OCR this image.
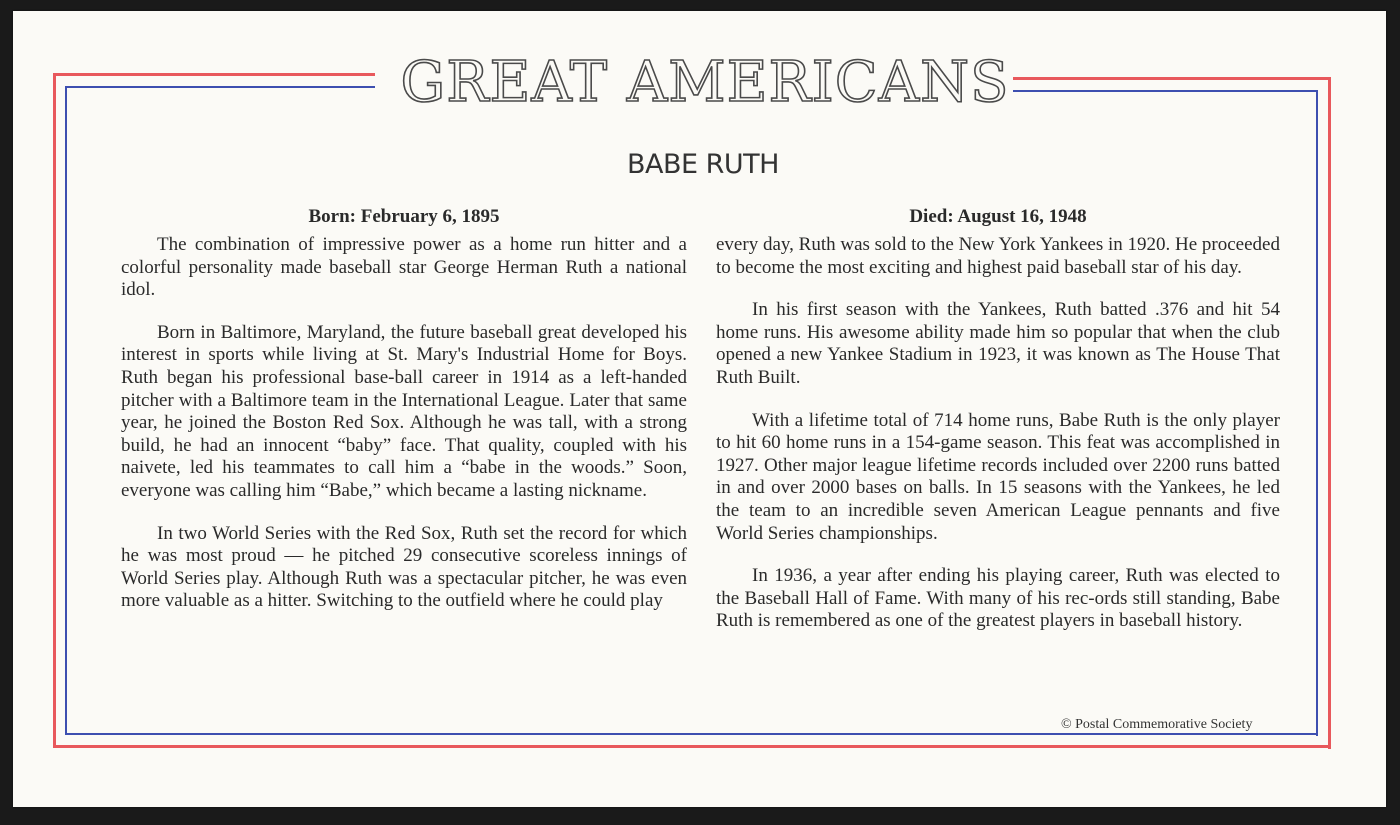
GREAT AMERICANS
BABE RUTH
Born: February 6, 1895

The combination of impressive power as a home run hitter and a colorful personality made baseball star George Herman Ruth a national idol.

Born in Baltimore, Maryland, the future baseball great developed his interest in sports while living at St. Mary's Industrial Home for Boys. Ruth began his professional base-ball career in 1914 as a left-handed pitcher with a Baltimore team in the International League. Later that same year, he joined the Boston Red Sox. Although he was tall, with a strong build, he had an innocent “baby” face. That quality, coupled with his naivete, led his teammates to call him a “babe in the woods.” Soon, everyone was calling him “Babe,” which became a lasting nickname.

In two World Series with the Red Sox, Ruth set the record for which he was most proud — he pitched 29 consecutive scoreless innings of World Series play. Although Ruth was a spectacular pitcher, he was even more valuable as a hitter. Switching to the outfield where he could play

Died: August 16, 1948

every day, Ruth was sold to the New York Yankees in 1920. He proceeded to become the most exciting and highest paid baseball star of his day.

In his first season with the Yankees, Ruth batted .376 and hit 54 home runs. His awesome ability made him so popular that when the club opened a new Yankee Stadium in 1923, it was known as The House That Ruth Built.

With a lifetime total of 714 home runs, Babe Ruth is the only player to hit 60 home runs in a 154-game season. This feat was accomplished in 1927. Other major league lifetime records included over 2200 runs batted in and over 2000 bases on balls. In 15 seasons with the Yankees, he led the team to an incredible seven American League pennants and five World Series championships.

In 1936, a year after ending his playing career, Ruth was elected to the Baseball Hall of Fame. With many of his rec-ords still standing, Babe Ruth is remembered as one of the greatest players in baseball history.

© Postal Commemorative Society
